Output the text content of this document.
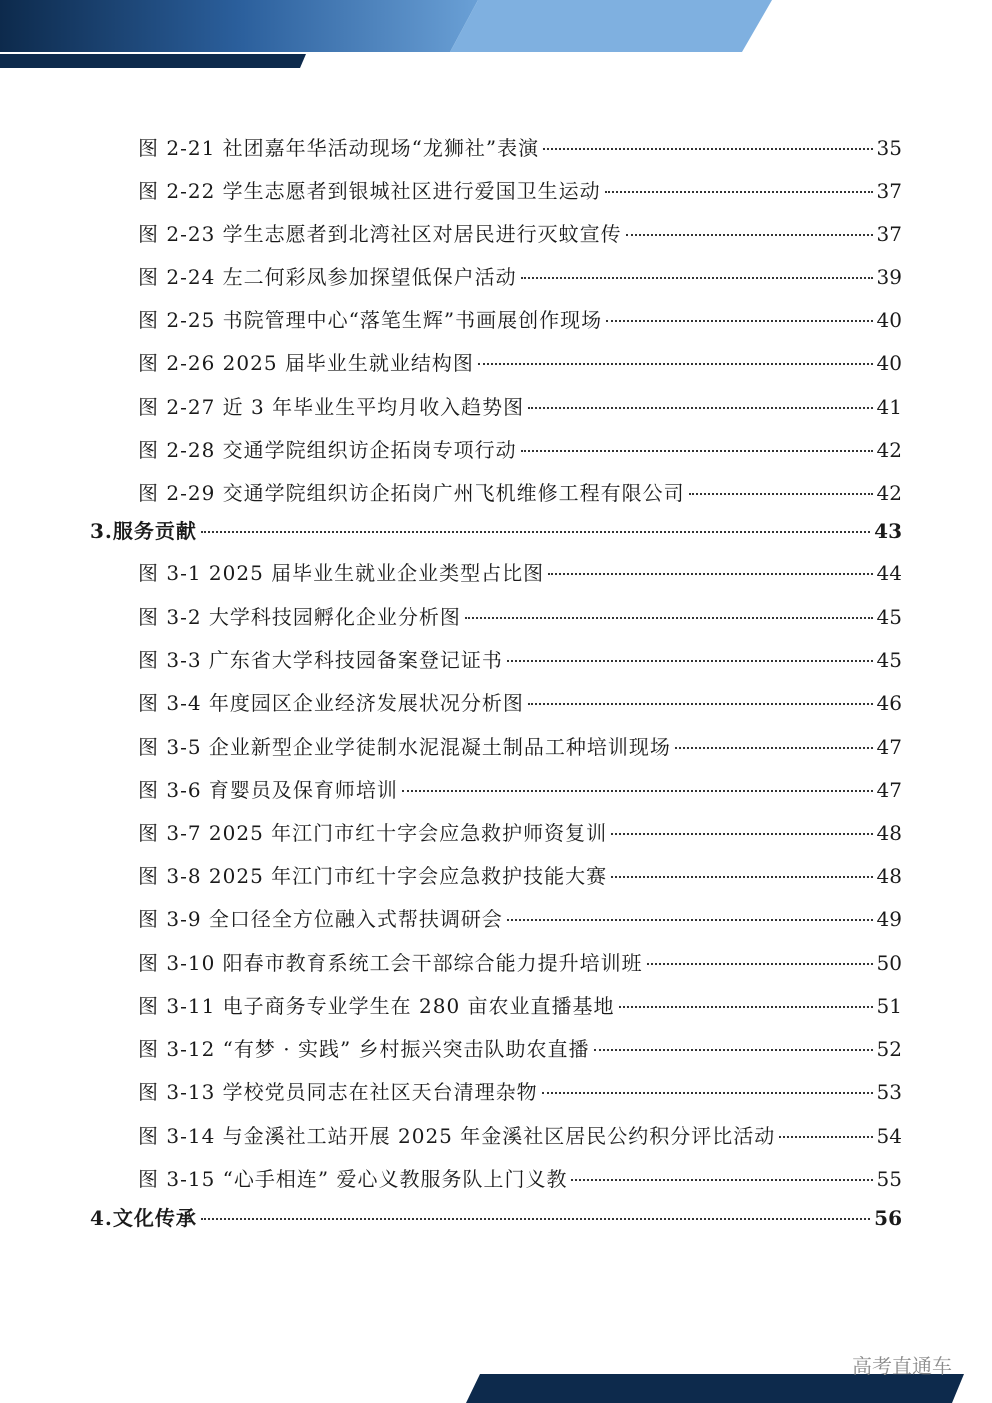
图 2-21 社团嘉年华活动现场“龙狮社”表演	35
图 2-22 学生志愿者到银城社区进行爱国卫生运动	37
图 2-23 学生志愿者到北湾社区对居民进行灭蚊宣传	37
图 2-24 左二何彩凤参加探望低保户活动	39
图 2-25 书院管理中心“落笔生辉”书画展创作现场	40
图 2-26 2025 届毕业生就业结构图	40
图 2-27 近 3 年毕业生平均月收入趋势图	41
图 2-28 交通学院组织访企拓岗专项行动	42
图 2-29 交通学院组织访企拓岗广州飞机维修工程有限公司	42
3.服务贡献	43
图 3-1 2025 届毕业生就业企业类型占比图	44
图 3-2 大学科技园孵化企业分析图	45
图 3-3 广东省大学科技园备案登记证书	45
图 3-4 年度园区企业经济发展状况分析图	46
图 3-5 企业新型企业学徒制水泥混凝土制品工种培训现场	47
图 3-6 育婴员及保育师培训	47
图 3-7 2025 年江门市红十字会应急救护师资复训	48
图 3-8 2025 年江门市红十字会应急救护技能大赛	48
图 3-9 全口径全方位融入式帮扶调研会	49
图 3-10 阳春市教育系统工会干部综合能力提升培训班	50
图 3-11 电子商务专业学生在 280 亩农业直播基地	51
图 3-12 “有梦 · 实践” 乡村振兴突击队助农直播	52
图 3-13 学校党员同志在社区天台清理杂物	53
图 3-14 与金溪社工站开展 2025 年金溪社区居民公约积分评比活动	54
图 3-15 “心手相连” 爱心义教服务队上门义教	55
4.文化传承	56
高考直通车
